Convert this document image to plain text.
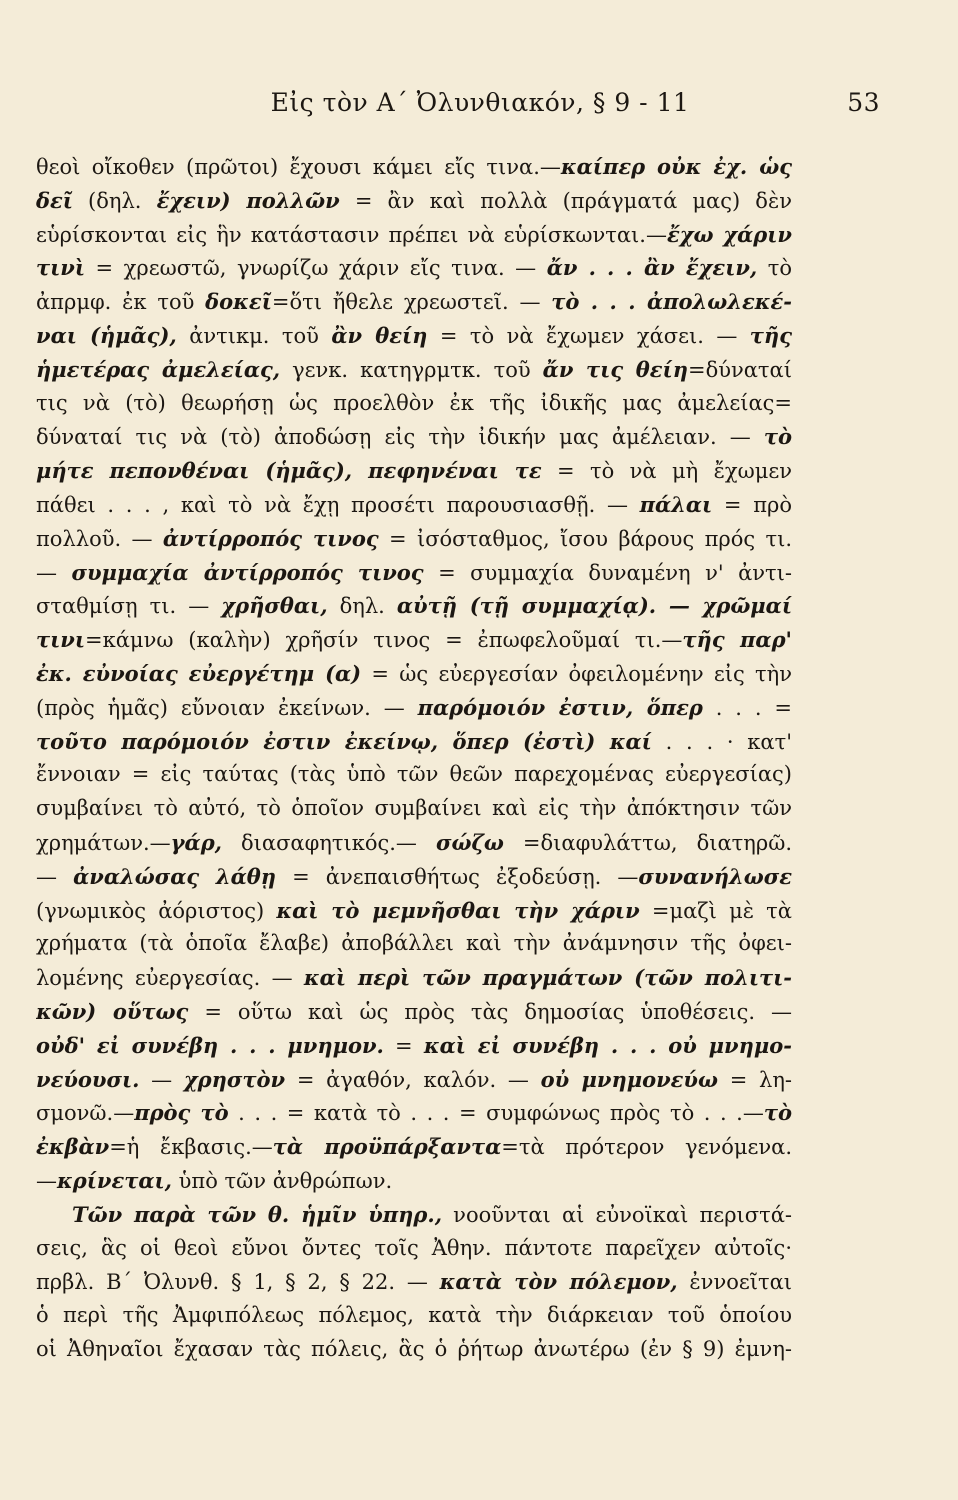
Εἰς τὸν Α΄ Ὀλυνθιακόν, § 9 - 11	53
θεοὶ οἴκοθεν (πρῶτοι) ἔχουσι κάμει εἴς τινα.—καίπερ οὐκ ἐχ. ὡς
δεῖ (δηλ. ἔχειν) πολλῶν = ἂν καὶ πολλὰ (πράγματά μας) δὲν
εὑρίσκονται εἰς ἣν κατάστασιν πρέπει νὰ εὑρίσκωνται.—ἔχω χάριν
τινὶ = χρεωστῶ, γνωρίζω χάριν εἴς τινα. — ἄν . . . ἂν ἔχειν, τὸ
ἀπρμφ. ἐκ τοῦ δοκεῖ=ὅτι ἤθελε χρεωστεῖ. — τὸ . . . ἀπολωλεκέ-
ναι (ἡμᾶς), ἀντικμ. τοῦ ἂν θείη = τὸ νὰ ἔχωμεν χάσει. — τῆς
ἡμετέρας ἀμελείας, γενκ. κατηγρμτκ. τοῦ ἄν τις θείη=δύναταί
τις νὰ (τὸ) θεωρήσῃ ὡς προελθὸν ἐκ τῆς ἰδικῆς μας ἀμελείας=
δύναταί τις νὰ (τὸ) ἀποδώσῃ εἰς τὴν ἰδικήν μας ἀμέλειαν. — τὸ
μήτε πεπονθέναι (ἡμᾶς), πεφηνέναι τε = τὸ νὰ μὴ ἔχωμεν
πάθει . . . , καὶ τὸ νὰ ἔχῃ προσέτι παρουσιασθῇ. — πάλαι = πρὸ
πολλοῦ. — ἀντίρροπός τινος = ἰσόσταθμος, ἴσου βάρους πρός τι.
— συμμαχία ἀντίρροπός τινος = συμμαχία δυναμένη ν' ἀντι-
σταθμίσῃ τι. — χρῆσθαι, δηλ. αὐτῇ (τῇ συμμαχίᾳ). — χρῶμαί
τινι=κάμνω (καλὴν) χρῆσίν τινος = ἐπωφελοῦμαί τι.—τῆς παρ'
ἐκ. εὐνοίας εὐεργέτημ (α) = ὡς εὐεργεσίαν ὀφειλομένην εἰς τὴν
(πρὸς ἡμᾶς) εὔνοιαν ἐκείνων. — παρόμοιόν ἐστιν, ὅπερ . . . =
τοῦτο παρόμοιόν ἐστιν ἐκείνῳ, ὅπερ (ἐστὶ) καί . . . · κατ'
ἔννοιαν = εἰς ταύτας (τὰς ὑπὸ τῶν θεῶν παρεχομένας εὐεργεσίας)
συμβαίνει τὸ αὐτό, τὸ ὁποῖον συμβαίνει καὶ εἰς τὴν ἀπόκτησιν τῶν
χρημάτων.—γάρ, διασαφητικός.— σώζω =διαφυλάττω, διατηρῶ.
— ἀναλώσας λάθῃ = ἀνεπαισθήτως ἐξοδεύσῃ. —συνανήλωσε
(γνωμικὸς ἀόριστος) καὶ τὸ μεμνῆσθαι τὴν χάριν =μαζὶ μὲ τὰ
χρήματα (τὰ ὁποῖα ἔλαβε) ἀποβάλλει καὶ τὴν ἀνάμνησιν τῆς ὀφει-
λομένης εὐεργεσίας. — καὶ περὶ τῶν πραγμάτων (τῶν πολιτι-
κῶν) οὕτως = οὕτω καὶ ὡς πρὸς τὰς δημοσίας ὑποθέσεις. —
οὐδ' εἰ συνέβη . . . μνημον. = καὶ εἰ συνέβη . . . οὐ μνημο-
νεύουσι. — χρηστὸν = ἀγαθόν, καλόν. — οὐ μνημονεύω = λη-
σμονῶ.—πρὸς τὸ . . . = κατὰ τὸ . . . = συμφώνως πρὸς τὸ . . .—τὸ
ἐκβὰν=ἡ ἔκβασις.—τὰ προϋπάρξαντα=τὰ πρότερον γενόμενα.
—κρίνεται, ὑπὸ τῶν ἀνθρώπων.
Τῶν παρὰ τῶν θ. ἡμῖν ὑπηρ., νοοῦνται αἱ εὐνοϊκαὶ περιστά-
σεις, ἃς οἱ θεοὶ εὔνοι ὄντες τοῖς Ἀθην. πάντοτε παρεῖχεν αὐτοῖς·
πρβλ. Β΄ Ὀλυνθ. § 1, § 2, § 22. — κατὰ τὸν πόλεμον, ἐννοεῖται
ὁ περὶ τῆς Ἀμφιπόλεως πόλεμος, κατὰ τὴν διάρκειαν τοῦ ὁποίου
οἱ Ἀθηναῖοι ἔχασαν τὰς πόλεις, ἃς ὁ ῥήτωρ ἀνωτέρω (ἐν § 9) ἐμνη-
